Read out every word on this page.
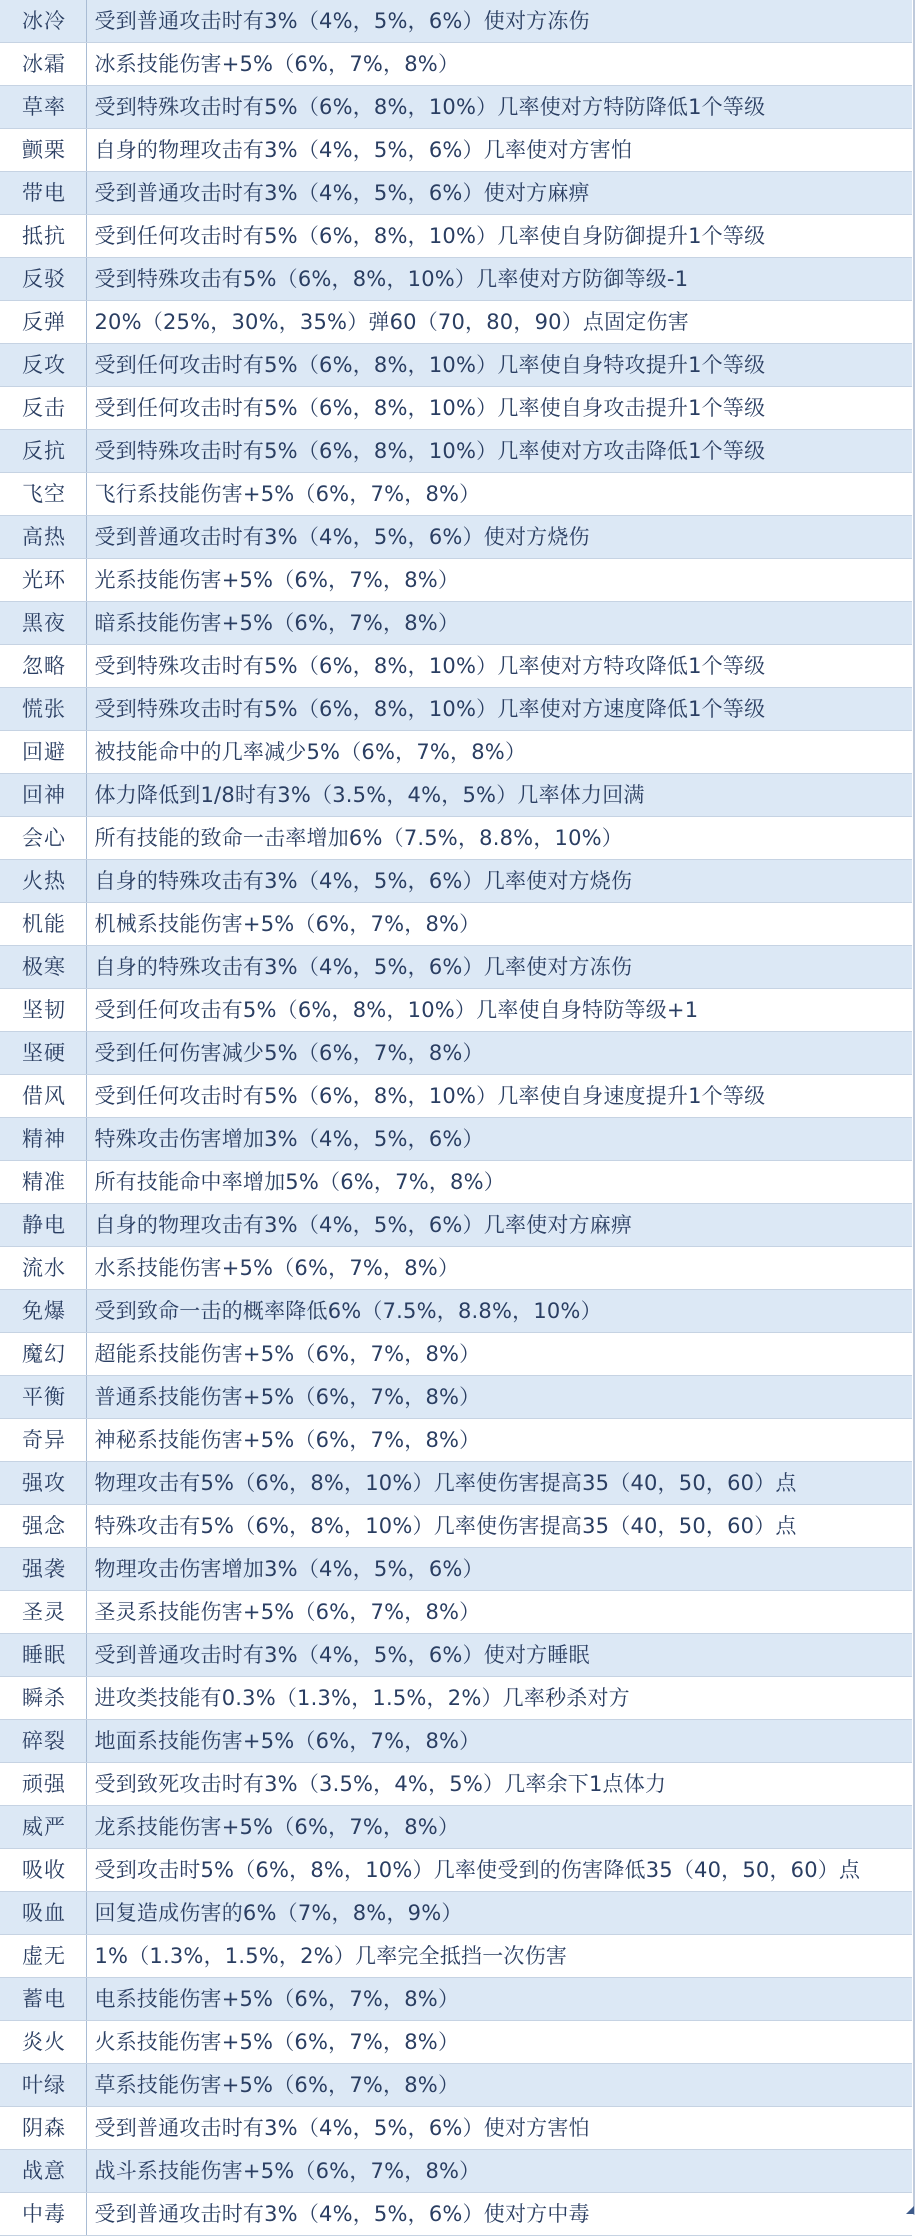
冰冷	受到普通攻击时有3%（4%，5%，6%）使对方冻伤
冰霜	冰系技能伤害+5%（6%，7%，8%）
草率	受到特殊攻击时有5%（6%，8%，10%）几率使对方特防降低1个等级
颤栗	自身的物理攻击有3%（4%，5%，6%）几率使对方害怕
带电	受到普通攻击时有3%（4%，5%，6%）使对方麻痹
抵抗	受到任何攻击时有5%（6%，8%，10%）几率使自身防御提升1个等级
反驳	受到特殊攻击有5%（6%，8%，10%）几率使对方防御等级-1
反弹	20%（25%，30%，35%）弹60（70，80，90）点固定伤害
反攻	受到任何攻击时有5%（6%，8%，10%）几率使自身特攻提升1个等级
反击	受到任何攻击时有5%（6%，8%，10%）几率使自身攻击提升1个等级
反抗	受到特殊攻击时有5%（6%，8%，10%）几率使对方攻击降低1个等级
飞空	飞行系技能伤害+5%（6%，7%，8%）
高热	受到普通攻击时有3%（4%，5%，6%）使对方烧伤
光环	光系技能伤害+5%（6%，7%，8%）
黑夜	暗系技能伤害+5%（6%，7%，8%）
忽略	受到特殊攻击时有5%（6%，8%，10%）几率使对方特攻降低1个等级
慌张	受到特殊攻击时有5%（6%，8%，10%）几率使对方速度降低1个等级
回避	被技能命中的几率减少5%（6%，7%，8%）
回神	体力降低到1/8时有3%（3.5%，4%，5%）几率体力回满
会心	所有技能的致命一击率增加6%（7.5%，8.8%，10%）
火热	自身的特殊攻击有3%（4%，5%，6%）几率使对方烧伤
机能	机械系技能伤害+5%（6%，7%，8%）
极寒	自身的特殊攻击有3%（4%，5%，6%）几率使对方冻伤
坚韧	受到任何攻击有5%（6%，8%，10%）几率使自身特防等级+1
坚硬	受到任何伤害减少5%（6%，7%，8%）
借风	受到任何攻击时有5%（6%，8%，10%）几率使自身速度提升1个等级
精神	特殊攻击伤害增加3%（4%，5%，6%）
精准	所有技能命中率增加5%（6%，7%，8%）
静电	自身的物理攻击有3%（4%，5%，6%）几率使对方麻痹
流水	水系技能伤害+5%（6%，7%，8%）
免爆	受到致命一击的概率降低6%（7.5%，8.8%，10%）
魔幻	超能系技能伤害+5%（6%，7%，8%）
平衡	普通系技能伤害+5%（6%，7%，8%）
奇异	神秘系技能伤害+5%（6%，7%，8%）
强攻	物理攻击有5%（6%，8%，10%）几率使伤害提高35（40，50，60）点
强念	特殊攻击有5%（6%，8%，10%）几率使伤害提高35（40，50，60）点
强袭	物理攻击伤害增加3%（4%，5%，6%）
圣灵	圣灵系技能伤害+5%（6%，7%，8%）
睡眠	受到普通攻击时有3%（4%，5%，6%）使对方睡眠
瞬杀	进攻类技能有0.3%（1.3%，1.5%，2%）几率秒杀对方
碎裂	地面系技能伤害+5%（6%，7%，8%）
顽强	受到致死攻击时有3%（3.5%，4%，5%）几率余下1点体力
威严	龙系技能伤害+5%（6%，7%，8%）
吸收	受到攻击时5%（6%，8%，10%）几率使受到的伤害降低35（40，50，60）点
吸血	回复造成伤害的6%（7%，8%，9%）
虚无	1%（1.3%，1.5%，2%）几率完全抵挡一次伤害
蓄电	电系技能伤害+5%（6%，7%，8%）
炎火	火系技能伤害+5%（6%，7%，8%）
叶绿	草系技能伤害+5%（6%，7%，8%）
阴森	受到普通攻击时有3%（4%，5%，6%）使对方害怕
战意	战斗系技能伤害+5%（6%，7%，8%）
中毒	受到普通攻击时有3%（4%，5%，6%）使对方中毒
